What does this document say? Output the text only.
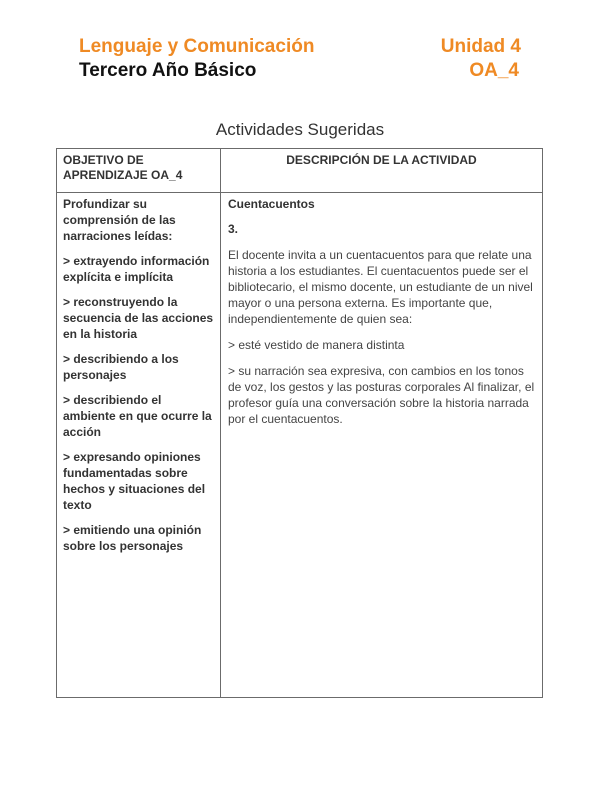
Lenguaje y Comunicación
Tercero Año Básico
Unidad 4
OA_4
Actividades Sugeridas
OBJETIVO DE APRENDIZAJE OA_4
DESCRIPCIÓN DE LA ACTIVIDAD
Profundizar su comprensión de las narraciones leídas:
> extrayendo información explícita e implícita
> reconstruyendo la secuencia de las acciones en la historia
> describiendo a los personajes
> describiendo el ambiente en que ocurre la acción
> expresando opiniones fundamentadas sobre hechos y situaciones del texto
> emitiendo una opinión sobre los personajes
Cuentacuentos
3.
El docente invita a un cuentacuentos para que relate una historia a los estudiantes. El cuentacuentos puede ser el bibliotecario, el mismo docente, un estudiante de un nivel mayor o una persona externa. Es importante que, independientemente de quien sea:
> esté vestido de manera distinta
> su narración sea expresiva, con cambios en los tonos de voz, los gestos y las posturas corporales Al finalizar, el profesor guía una conversación sobre la historia narrada por el cuentacuentos.
